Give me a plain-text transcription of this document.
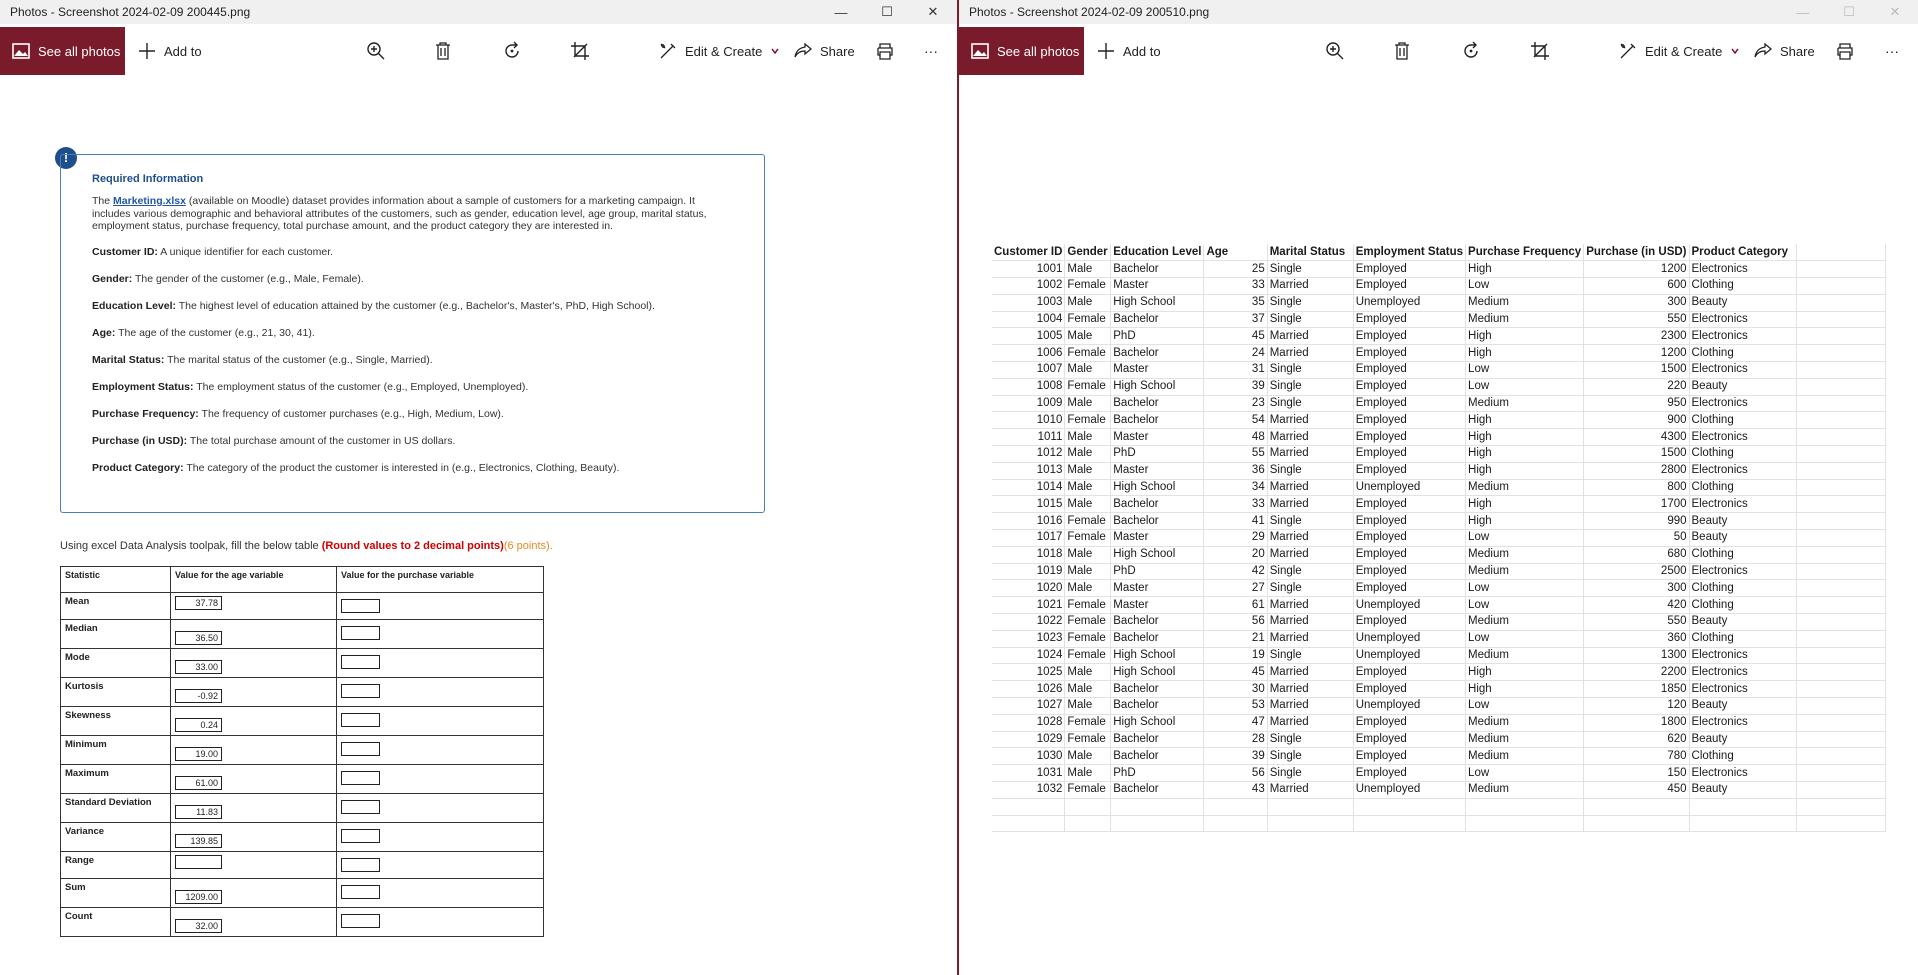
Photos - Screenshot 2024-02-09 200445.png	—	☐	✕
See all photos	Add to	Edit & Create	Share	···
!
Required Information

The Marketing.xlsx (available on Moodle) dataset provides information about a sample of customers for a marketing campaign. It includes various demographic and behavioral attributes of the customers, such as gender, education level, age group, marital status, employment status, purchase frequency, total purchase amount, and the product category they are interested in.

Customer ID: A unique identifier for each customer.

Gender: The gender of the customer (e.g., Male, Female).

Education Level: The highest level of education attained by the customer (e.g., Bachelor's, Master's, PhD, High School).

Age: The age of the customer (e.g., 21, 30, 41).

Marital Status: The marital status of the customer (e.g., Single, Married).

Employment Status: The employment status of the customer (e.g., Employed, Unemployed).

Purchase Frequency: The frequency of customer purchases (e.g., High, Medium, Low).

Purchase (in USD): The total purchase amount of the customer in US dollars.

Product Category: The category of the product the customer is interested in (e.g., Electronics, Clothing, Beauty).

Using excel Data Analysis toolpak, fill the below table (Round values to 2 decimal points)(6 points).
Statistic	Value for the age variable	Value for the purchase variable
Mean	37.78	
Median	36.50	
Mode	33.00	
Kurtosis	-0.92	
Skewness	0.24	
Minimum	19.00	
Maximum	61.00	
Standard Deviation	11.83	
Variance	139.85	
Range		
Sum	1209.00	
Count	32.00	
Photos - Screenshot 2024-02-09 200510.png	—	☐	✕
See all photos	Add to	Edit & Create	Share	···
Customer ID	Gender	Education Level	Age	Marital Status	Employment Status	Purchase Frequency	Purchase (in USD)	Product Category	
1001	Male	Bachelor	25	Single	Employed	High	1200	Electronics	
1002	Female	Master	33	Married	Employed	Low	600	Clothing	
1003	Male	High School	35	Single	Unemployed	Medium	300	Beauty	
1004	Female	Bachelor	37	Single	Employed	Medium	550	Electronics	
1005	Male	PhD	45	Married	Employed	High	2300	Electronics	
1006	Female	Bachelor	24	Married	Employed	High	1200	Clothing	
1007	Male	Master	31	Single	Employed	Low	1500	Electronics	
1008	Female	High School	39	Single	Employed	Low	220	Beauty	
1009	Male	Bachelor	23	Single	Employed	Medium	950	Electronics	
1010	Female	Bachelor	54	Married	Employed	High	900	Clothing	
1011	Male	Master	48	Married	Employed	High	4300	Electronics	
1012	Male	PhD	55	Married	Employed	High	1500	Clothing	
1013	Male	Master	36	Single	Employed	High	2800	Electronics	
1014	Male	High School	34	Married	Unemployed	Medium	800	Clothing	
1015	Male	Bachelor	33	Married	Employed	High	1700	Electronics	
1016	Female	Bachelor	41	Single	Employed	High	990	Beauty	
1017	Female	Master	29	Married	Employed	Low	50	Beauty	
1018	Male	High School	20	Married	Employed	Medium	680	Clothing	
1019	Male	PhD	42	Single	Employed	Medium	2500	Electronics	
1020	Male	Master	27	Single	Employed	Low	300	Clothing	
1021	Female	Master	61	Married	Unemployed	Low	420	Clothing	
1022	Female	Bachelor	56	Married	Employed	Medium	550	Beauty	
1023	Female	Bachelor	21	Married	Unemployed	Low	360	Clothing	
1024	Female	High School	19	Single	Unemployed	Medium	1300	Electronics	
1025	Male	High School	45	Married	Employed	High	2200	Electronics	
1026	Male	Bachelor	30	Married	Employed	High	1850	Electronics	
1027	Male	Bachelor	53	Married	Unemployed	Low	120	Beauty	
1028	Female	High School	47	Married	Employed	Medium	1800	Electronics	
1029	Female	Bachelor	28	Single	Employed	Medium	620	Beauty	
1030	Male	Bachelor	39	Single	Employed	Medium	780	Clothing	
1031	Male	PhD	56	Single	Employed	Low	150	Electronics	
1032	Female	Bachelor	43	Married	Unemployed	Medium	450	Beauty	
